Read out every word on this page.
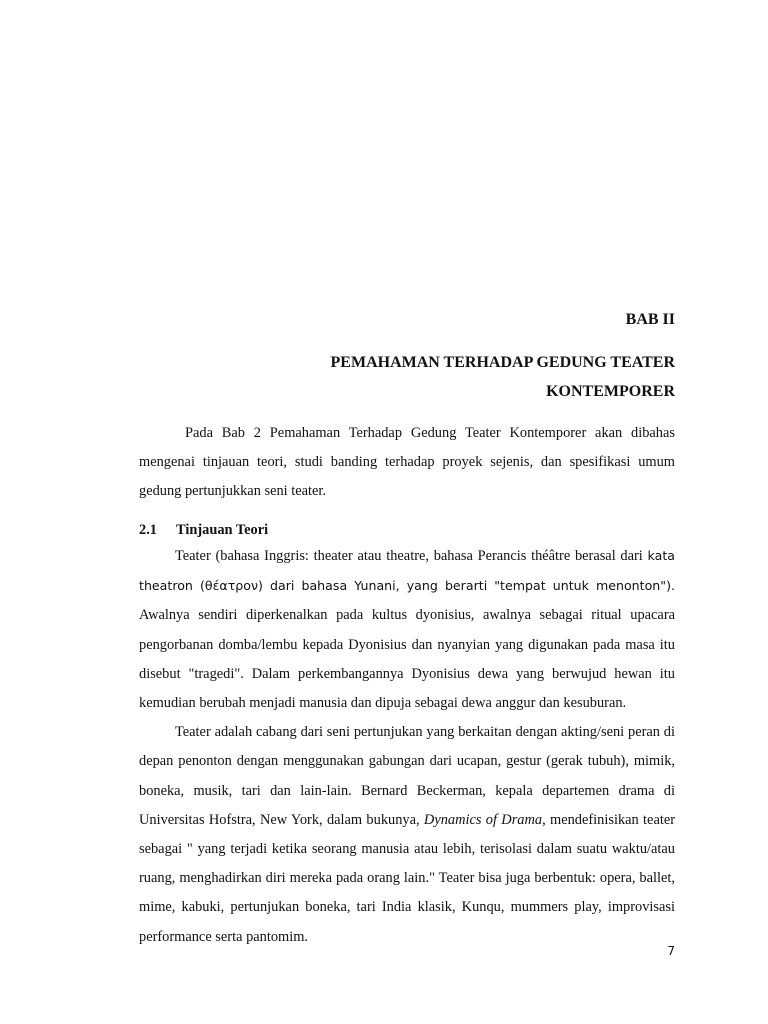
BAB II
PEMAHAMAN TERHADAP GEDUNG TEATER
KONTEMPORER

Pada Bab 2 Pemahaman Terhadap Gedung Teater Kontemporer akan dibahas mengenai tinjauan teori, studi banding terhadap proyek sejenis, dan spesifikasi umum gedung pertunjukkan seni teater.

2.1 Tinjauan Teori

Teater (bahasa Inggris: theater atau theatre, bahasa Perancis théâtre berasal dari kata theatron (θέατρον) dari bahasa Yunani, yang berarti "tempat untuk menonton"). Awalnya sendiri diperkenalkan pada kultus dyonisius, awalnya sebagai ritual upacara pengorbanan domba/lembu kepada Dyonisius dan nyanyian yang digunakan pada masa itu disebut "tragedi". Dalam perkembangannya Dyonisius dewa yang berwujud hewan itu kemudian berubah menjadi manusia dan dipuja sebagai dewa anggur dan kesuburan.

Teater adalah cabang dari seni pertunjukan yang berkaitan dengan akting/seni peran di depan penonton dengan menggunakan gabungan dari ucapan, gestur (gerak tubuh), mimik, boneka, musik, tari dan lain-lain. Bernard Beckerman, kepala departemen drama di Universitas Hofstra, New York, dalam bukunya, Dynamics of Drama, mendefinisikan teater sebagai " yang terjadi ketika seorang manusia atau lebih, terisolasi dalam suatu waktu/atau ruang, menghadirkan diri mereka pada orang lain." Teater bisa juga berbentuk: opera, ballet, mime, kabuki, pertunjukan boneka, tari India klasik, Kunqu, mummers play, improvisasi performance serta pantomim.

7
